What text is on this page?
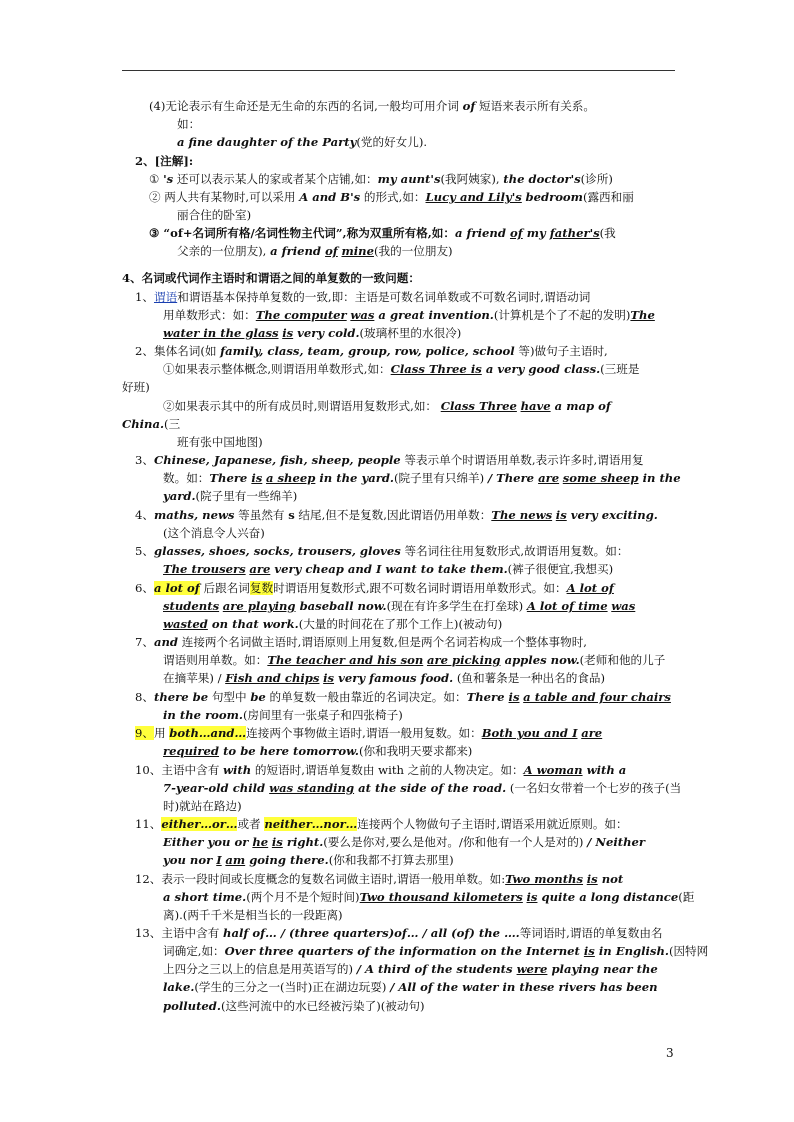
(4)无论表示有生命还是无生命的东西的名词,一般均可用介词 of 短语来表示所有关系。
如：
a fine daughter of the Party(党的好女儿).
2、[注解]:
① 's 还可以表示某人的家或者某个店铺,如：my aunt's(我阿姨家), the doctor's(诊所)
② 两人共有某物时,可以采用 A and B's 的形式,如：Lucy and Lily's bedroom(露西和丽
丽合住的卧室)
③ “of+名词所有格/名词性物主代词”,称为双重所有格,如：a friend of my father's(我
父亲的一位朋友), a friend of mine(我的一位朋友)
4、名词或代词作主语时和谓语之间的单复数的一致问题：
1、谓语和谓语基本保持单复数的一致,即：主语是可数名词单数或不可数名词时,谓语动词
用单数形式：如：The computer was a great invention.(计算机是个了不起的发明)The
water in the glass is very cold.(玻璃杯里的水很冷)
2、集体名词(如 family, class, team, group, row, police, school 等)做句子主语时,
①如果表示整体概念,则谓语用单数形式,如：Class Three is a very good class.(三班是
好班)
②如果表示其中的所有成员时,则谓语用复数形式,如： Class Three have a map of
China.(三
班有张中国地图)
3、Chinese, Japanese, fish, sheep, people 等表示单个时谓语用单数,表示许多时,谓语用复
数。如：There is a sheep in the yard.(院子里有只绵羊) / There are some sheep in the
yard.(院子里有一些绵羊)
4、maths, news 等虽然有 s 结尾,但不是复数,因此谓语仍用单数：The news is very exciting.
(这个消息令人兴奋)
5、glasses, shoes, socks, trousers, gloves 等名词往往用复数形式,故谓语用复数。如：
The trousers are very cheap and I want to take them.(裤子很便宜,我想买)
6、a lot of 后跟名词复数时谓语用复数形式,跟不可数名词时谓语用单数形式。如：A lot of
students are playing baseball now.(现在有许多学生在打垒球) A lot of time was
wasted on that work.(大量的时间花在了那个工作上)(被动句)
7、and 连接两个名词做主语时,谓语原则上用复数,但是两个名词若构成一个整体事物时,
谓语则用单数。如：The teacher and his son are picking apples now.(老师和他的儿子
在摘苹果) / Fish and chips is very famous food. (鱼和薯条是一种出名的食品)
8、there be 句型中 be 的单复数一般由靠近的名词决定。如：There is a table and four chairs
in the room.(房间里有一张桌子和四张椅子)
9、用 both…and…连接两个事物做主语时,谓语一般用复数。如：Both you and I are
required to be here tomorrow.(你和我明天要求都来)
10、主语中含有 with 的短语时,谓语单复数由 with 之前的人物决定。如：A woman with a
7-year-old child was standing at the side of the road. (一名妇女带着一个七岁的孩子(当
时)就站在路边)
11、either…or…或者 neither…nor…连接两个人物做句子主语时,谓语采用就近原则。如：
Either you or he is right.(要么是你对,要么是他对。/你和他有一个人是对的) / Neither
you nor I am going there.(你和我都不打算去那里)
12、表示一段时间或长度概念的复数名词做主语时,谓语一般用单数。如:Two months is not
a short time.(两个月不是个短时间)Two thousand kilometers is quite a long distance(距
离).(两千千米是相当长的一段距离)
13、主语中含有 half of… / (three quarters)of… / all (of) the ….等词语时,谓语的单复数由名
词确定,如：Over three quarters of the information on the Internet is in English.(因特网
上四分之三以上的信息是用英语写的) / A third of the students were playing near the
lake.(学生的三分之一(当时)正在湖边玩耍) / All of the water in these rivers has been
polluted.(这些河流中的水已经被污染了)(被动句)
3
